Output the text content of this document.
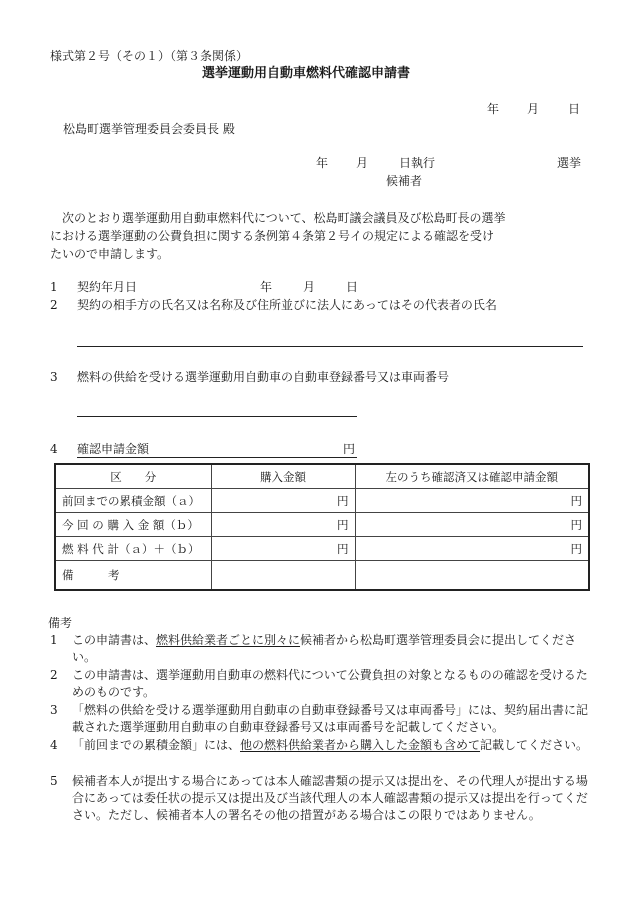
様式第２号（その１）（第３条関係）
選挙運動用自動車燃料代確認申請書
年 月 日
松島町選挙管理委員会委員長 殿
年 月	日執行	選挙
候補者
次のとおり選挙運動用自動車燃料代について、松島町議会議員及び松島町長の選挙
における選挙運動の公費負担に関する条例第４条第２号イの規定による確認を受け
たいので申請します。
1 契約年月日	年	月	日
2 契約の相手方の氏名又は名称及び住所並びに法人にあってはその代表者の氏名
3 燃料の供給を受ける選挙運動用自動車の自動車登録番号又は車両番号
4 確認申請金額	円
区　　分	購入金額	左のうち確認済又は確認申請金額
前回までの累積金額（ａ）	円	円
今 回 の 購 入 金 額（ｂ）	円	円
燃 料 代 計（ａ）＋（ｂ）	円	円
備　　　考		
備考
1	この申請書は、燃料供給業者ごとに別々に候補者から松島町選挙管理委員会に提出してください。
2	この申請書は、選挙運動用自動車の燃料代について公費負担の対象となるものの確認を受けるためのものです。
3	「燃料の供給を受ける選挙運動用自動車の自動車登録番号又は車両番号」には、契約届出書に記載された選挙運動用自動車の自動車登録番号又は車両番号を記載してください。
4	「前回までの累積金額」には、他の燃料供給業者から購入した金額も含めて記載してください。
5	候補者本人が提出する場合にあっては本人確認書類の提示又は提出を、その代理人が提出する場合にあっては委任状の提示又は提出及び当該代理人の本人確認書類の提示又は提出を行ってください。ただし、候補者本人の署名その他の措置がある場合はこの限りではありません。
